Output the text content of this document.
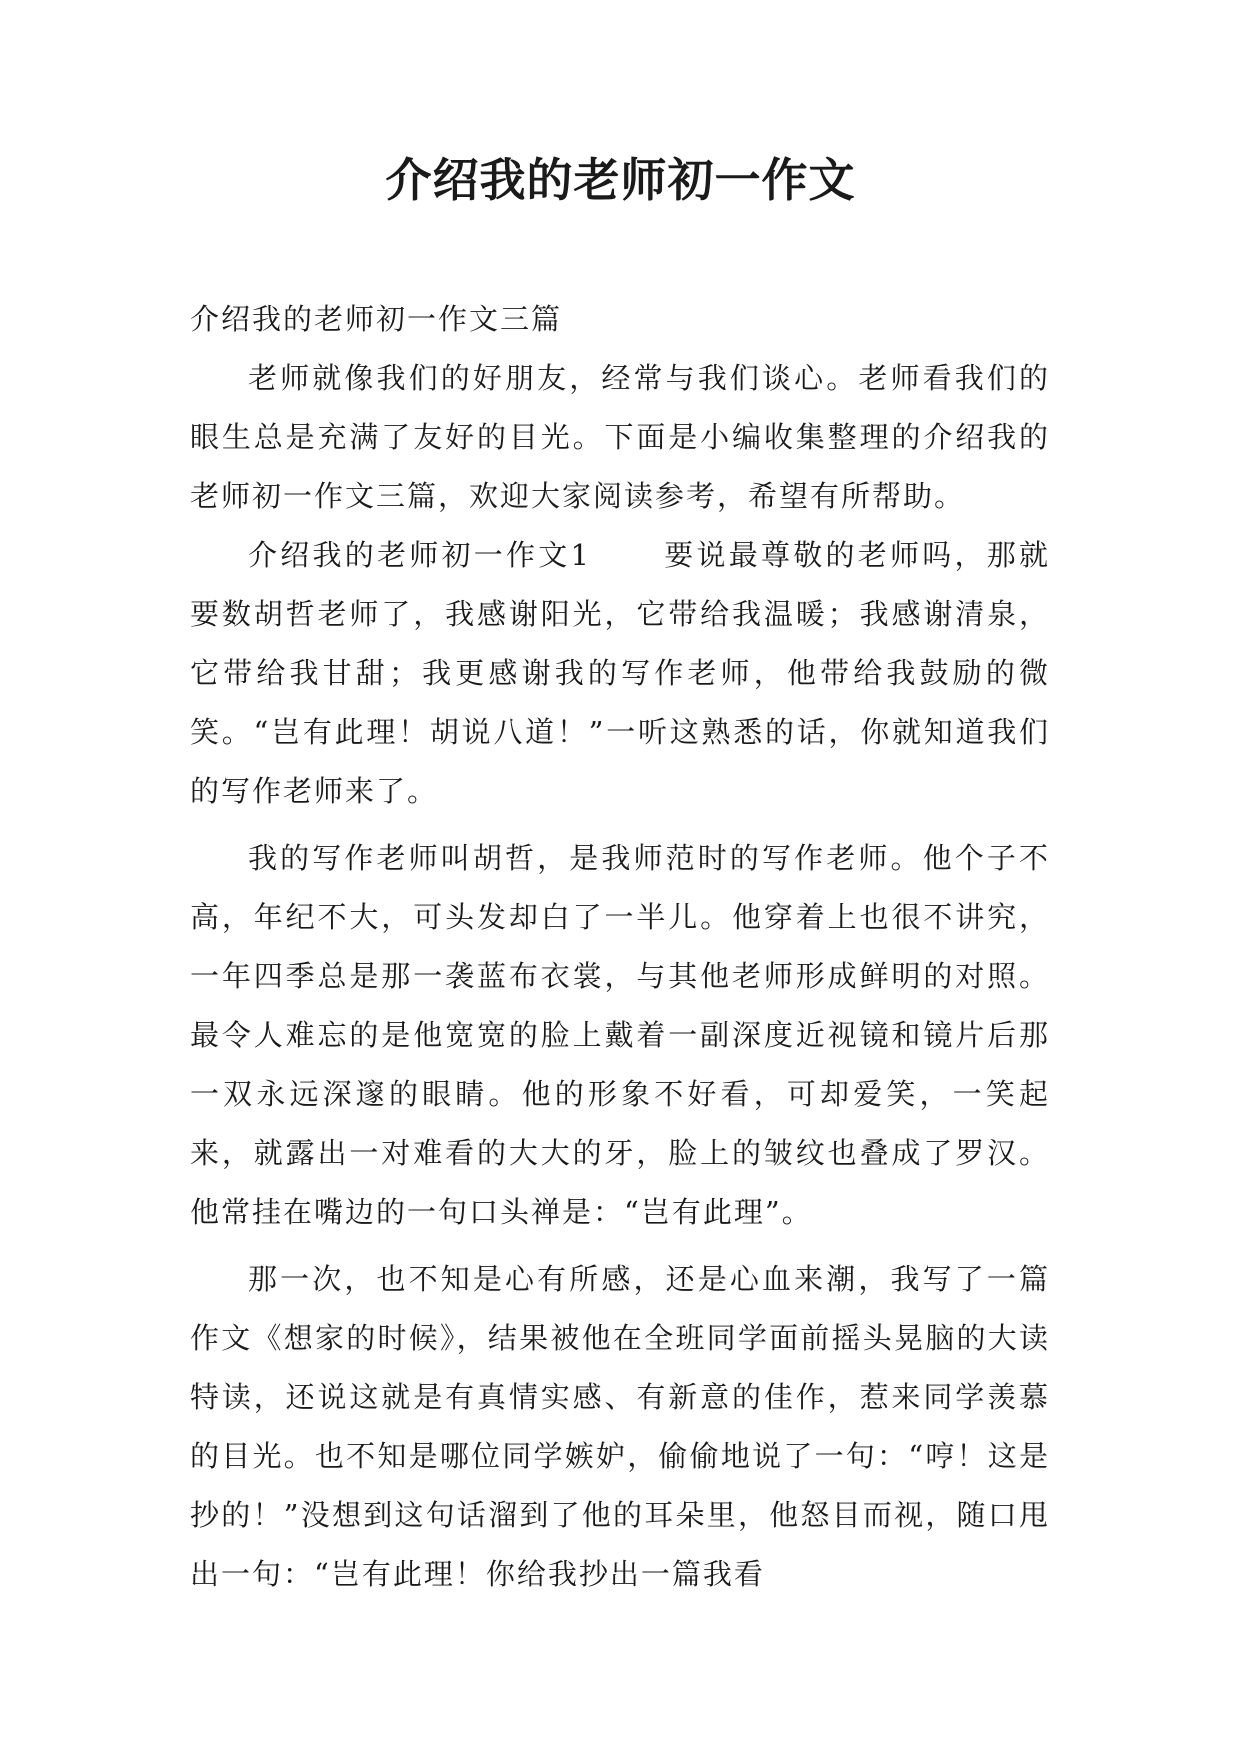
介绍我的老师初一作文

介绍我的老师初一作文三篇

老师就像我们的好朋友，经常与我们谈心。老师看我们的眼生总是充满了友好的目光。下面是小编收集整理的介绍我的老师初一作文三篇，欢迎大家阅读参考，希望有所帮助。

介绍我的老师初一作文1 要说最尊敬的老师吗，那就要数胡哲老师了，我感谢阳光，它带给我温暖；我感谢清泉，它带给我甘甜；我更感谢我的写作老师，他带给我鼓励的微笑。“岂有此理！胡说八道！”一听这熟悉的话，你就知道我们的写作老师来了。

我的写作老师叫胡哲，是我师范时的写作老师。他个子不高，年纪不大，可头发却白了一半儿。他穿着上也很不讲究，一年四季总是那一袭蓝布衣裳，与其他老师形成鲜明的对照。最令人难忘的是他宽宽的脸上戴着一副深度近视镜和镜片后那一双永远深邃的眼睛。他的形象不好看，可却爱笑，一笑起来，就露出一对难看的大大的牙，脸上的皱纹也叠成了罗汉。他常挂在嘴边的一句口头禅是：“岂有此理”。

那一次，也不知是心有所感，还是心血来潮，我写了一篇作文《想家的时候》，结果被他在全班同学面前摇头晃脑的大读特读，还说这就是有真情实感、有新意的佳作，惹来同学羡慕的目光。也不知是哪位同学嫉妒，偷偷地说了一句：“哼！这是抄的！”没想到这句话溜到了他的耳朵里，他怒目而视，随口甩出一句：“岂有此理！你给我抄出一篇我看
